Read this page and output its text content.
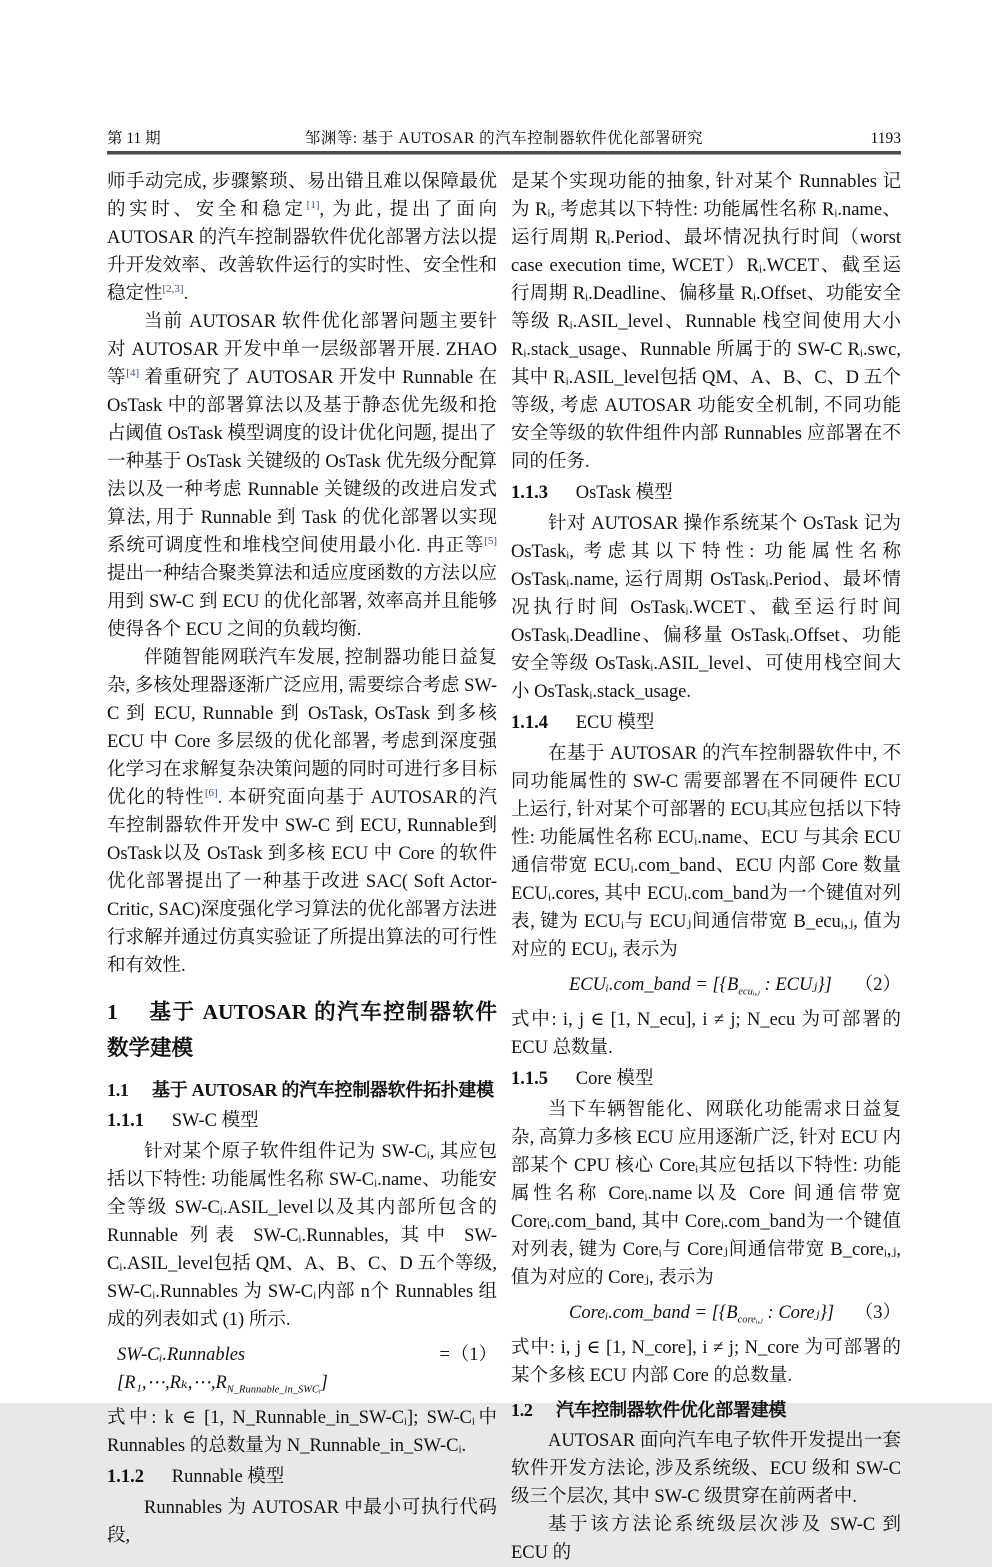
第 11 期	邹渊等: 基于 AUTOSAR 的汽车控制器软件优化部署研究	1193

师手动完成, 步骤繁琐、易出错且难以保障最优的实时、安全和稳定[1], 为此, 提出了面向 AUTOSAR 的汽车控制器软件优化部署方法以提升开发效率、改善软件运行的实时性、安全性和稳定性[2,3].

当前 AUTOSAR 软件优化部署问题主要针对 AUTOSAR 开发中单一层级部署开展. ZHAO 等[4] 着重研究了 AUTOSAR 开发中 Runnable 在 OsTask 中的部署算法以及基于静态优先级和抢占阈值 OsTask 模型调度的设计优化问题, 提出了一种基于 OsTask 关键级的 OsTask 优先级分配算法以及一种考虑 Runnable 关键级的改进启发式算法, 用于 Runnable 到 Task 的优化部署以实现系统可调度性和堆栈空间使用最小化. 冉正等[5] 提出一种结合聚类算法和适应度函数的方法以应用到 SW-C 到 ECU 的优化部署, 效率高并且能够使得各个 ECU 之间的负载均衡.

伴随智能网联汽车发展, 控制器功能日益复杂, 多核处理器逐渐广泛应用, 需要综合考虑 SW-C 到 ECU, Runnable 到 OsTask, OsTask 到多核 ECU 中 Core 多层级的优化部署, 考虑到深度强化学习在求解复杂决策问题的同时可进行多目标优化的特性[6]. 本研究面向基于 AUTOSAR的汽车控制器软件开发中 SW-C 到 ECU, Runnable到 OsTask以及 OsTask 到多核 ECU 中 Core 的软件优化部署提出了一种基于改进 SAC( Soft Actor-Critic, SAC)深度强化学习算法的优化部署方法进行求解并通过仿真实验证了所提出算法的可行性和有效性.

1 基于 AUTOSAR 的汽车控制器软件数学建模
1.1 基于 AUTOSAR 的汽车控制器软件拓扑建模
1.1.1 SW-C 模型

针对某个原子软件组件记为 SW-Cᵢ, 其应包括以下特性: 功能属性名称 SW-Cᵢ.name、功能安全等级 SW-Cᵢ.ASIL_level以及其内部所包含的 Runnable 列表 SW-Cᵢ.Runnables, 其中 SW-Cᵢ.ASIL_level包括 QM、A、B、C、D 五个等级, SW-Cᵢ.Runnables 为 SW-Cᵢ内部 n个 Runnables 组成的列表如式 (1) 所示.

SW-Cᵢ.Runnables = $[R_1,\cdots,R_k,\cdots,R_{N\_Runnable\_in\_SWCᵢ}]$
（1）

式中: k ∈ [1, N_Runnable_in_SW-Cᵢ]; SW-Cᵢ中 Runnables 的总数量为 N_Runnable_in_SW-Cᵢ.

1.1.2 Runnable 模型

Runnables 为 AUTOSAR 中最小可执行代码段,

是某个实现功能的抽象, 针对某个 Runnables 记为 Rᵢ, 考虑其以下特性: 功能属性名称 Rᵢ.name、运行周期 Rᵢ.Period、最坏情况执行时间（worst case execution time, WCET）Rᵢ.WCET、截至运行周期 Rᵢ.Deadline、偏移量 Rᵢ.Offset、功能安全等级 Rᵢ.ASIL_level、Runnable 栈空间使用大小 Rᵢ.stack_usage、Runnable 所属于的 SW-C Rᵢ.swc, 其中 Rᵢ.ASIL_level包括 QM、A、B、C、D 五个等级, 考虑 AUTOSAR 功能安全机制, 不同功能安全等级的软件组件内部 Runnables 应部署在不同的任务.

1.1.3 OsTask 模型

针对 AUTOSAR 操作系统某个 OsTask 记为OsTaskᵢ, 考虑其以下特性: 功能属性名称 OsTaskᵢ.name, 运行周期 OsTaskᵢ.Period、最坏情况执行时间 OsTaskᵢ.WCET、截至运行时间 OsTaskᵢ.Deadline、偏移量 OsTaskᵢ.Offset、功能安全等级 OsTaskᵢ.ASIL_level、可使用栈空间大小 OsTaskᵢ.stack_usage.

1.1.4 ECU 模型

在基于 AUTOSAR 的汽车控制器软件中, 不同功能属性的 SW-C 需要部署在不同硬件 ECU 上运行, 针对某个可部署的 ECUᵢ其应包括以下特性: 功能属性名称 ECUᵢ.name、ECU 与其余 ECU 通信带宽 ECUᵢ.com_band、ECU 内部 Core 数量 ECUᵢ.cores, 其中 ECUᵢ.com_band为一个键值对列表, 键为 ECUᵢ与 ECUⱼ间通信带宽 B_ecuᵢ,ⱼ, 值为对应的 ECUⱼ, 表示为

ECUᵢ.com_band = [{$B_{ecuᵢ,ⱼ}$ : ECUⱼ}] （2）

式中: i, j ∈ [1, N_ecu], i ≠ j; N_ecu 为可部署的 ECU 总数量.

1.1.5 Core 模型

当下车辆智能化、网联化功能需求日益复杂, 高算力多核 ECU 应用逐渐广泛, 针对 ECU 内部某个 CPU 核心 Coreᵢ其应包括以下特性: 功能属性名称 Coreᵢ.name以及 Core 间通信带宽 Coreᵢ.com_band, 其中 Coreᵢ.com_band为一个键值对列表, 键为 Coreᵢ与 Coreⱼ间通信带宽 B_coreᵢ,ⱼ, 值为对应的 Coreⱼ, 表示为

Coreᵢ.com_band = [{$B_{coreᵢ,ⱼ}$ : Coreⱼ}] （3）

式中: i, j ∈ [1, N_core], i ≠ j; N_core 为可部署的某个多核 ECU 内部 Core 的总数量.

1.2 汽车控制器软件优化部署建模

AUTOSAR 面向汽车电子软件开发提出一套软件开发方法论, 涉及系统级、ECU 级和 SW-C 级三个层次, 其中 SW-C 级贯穿在前两者中.

基于该方法论系统级层次涉及 SW-C 到 ECU 的
